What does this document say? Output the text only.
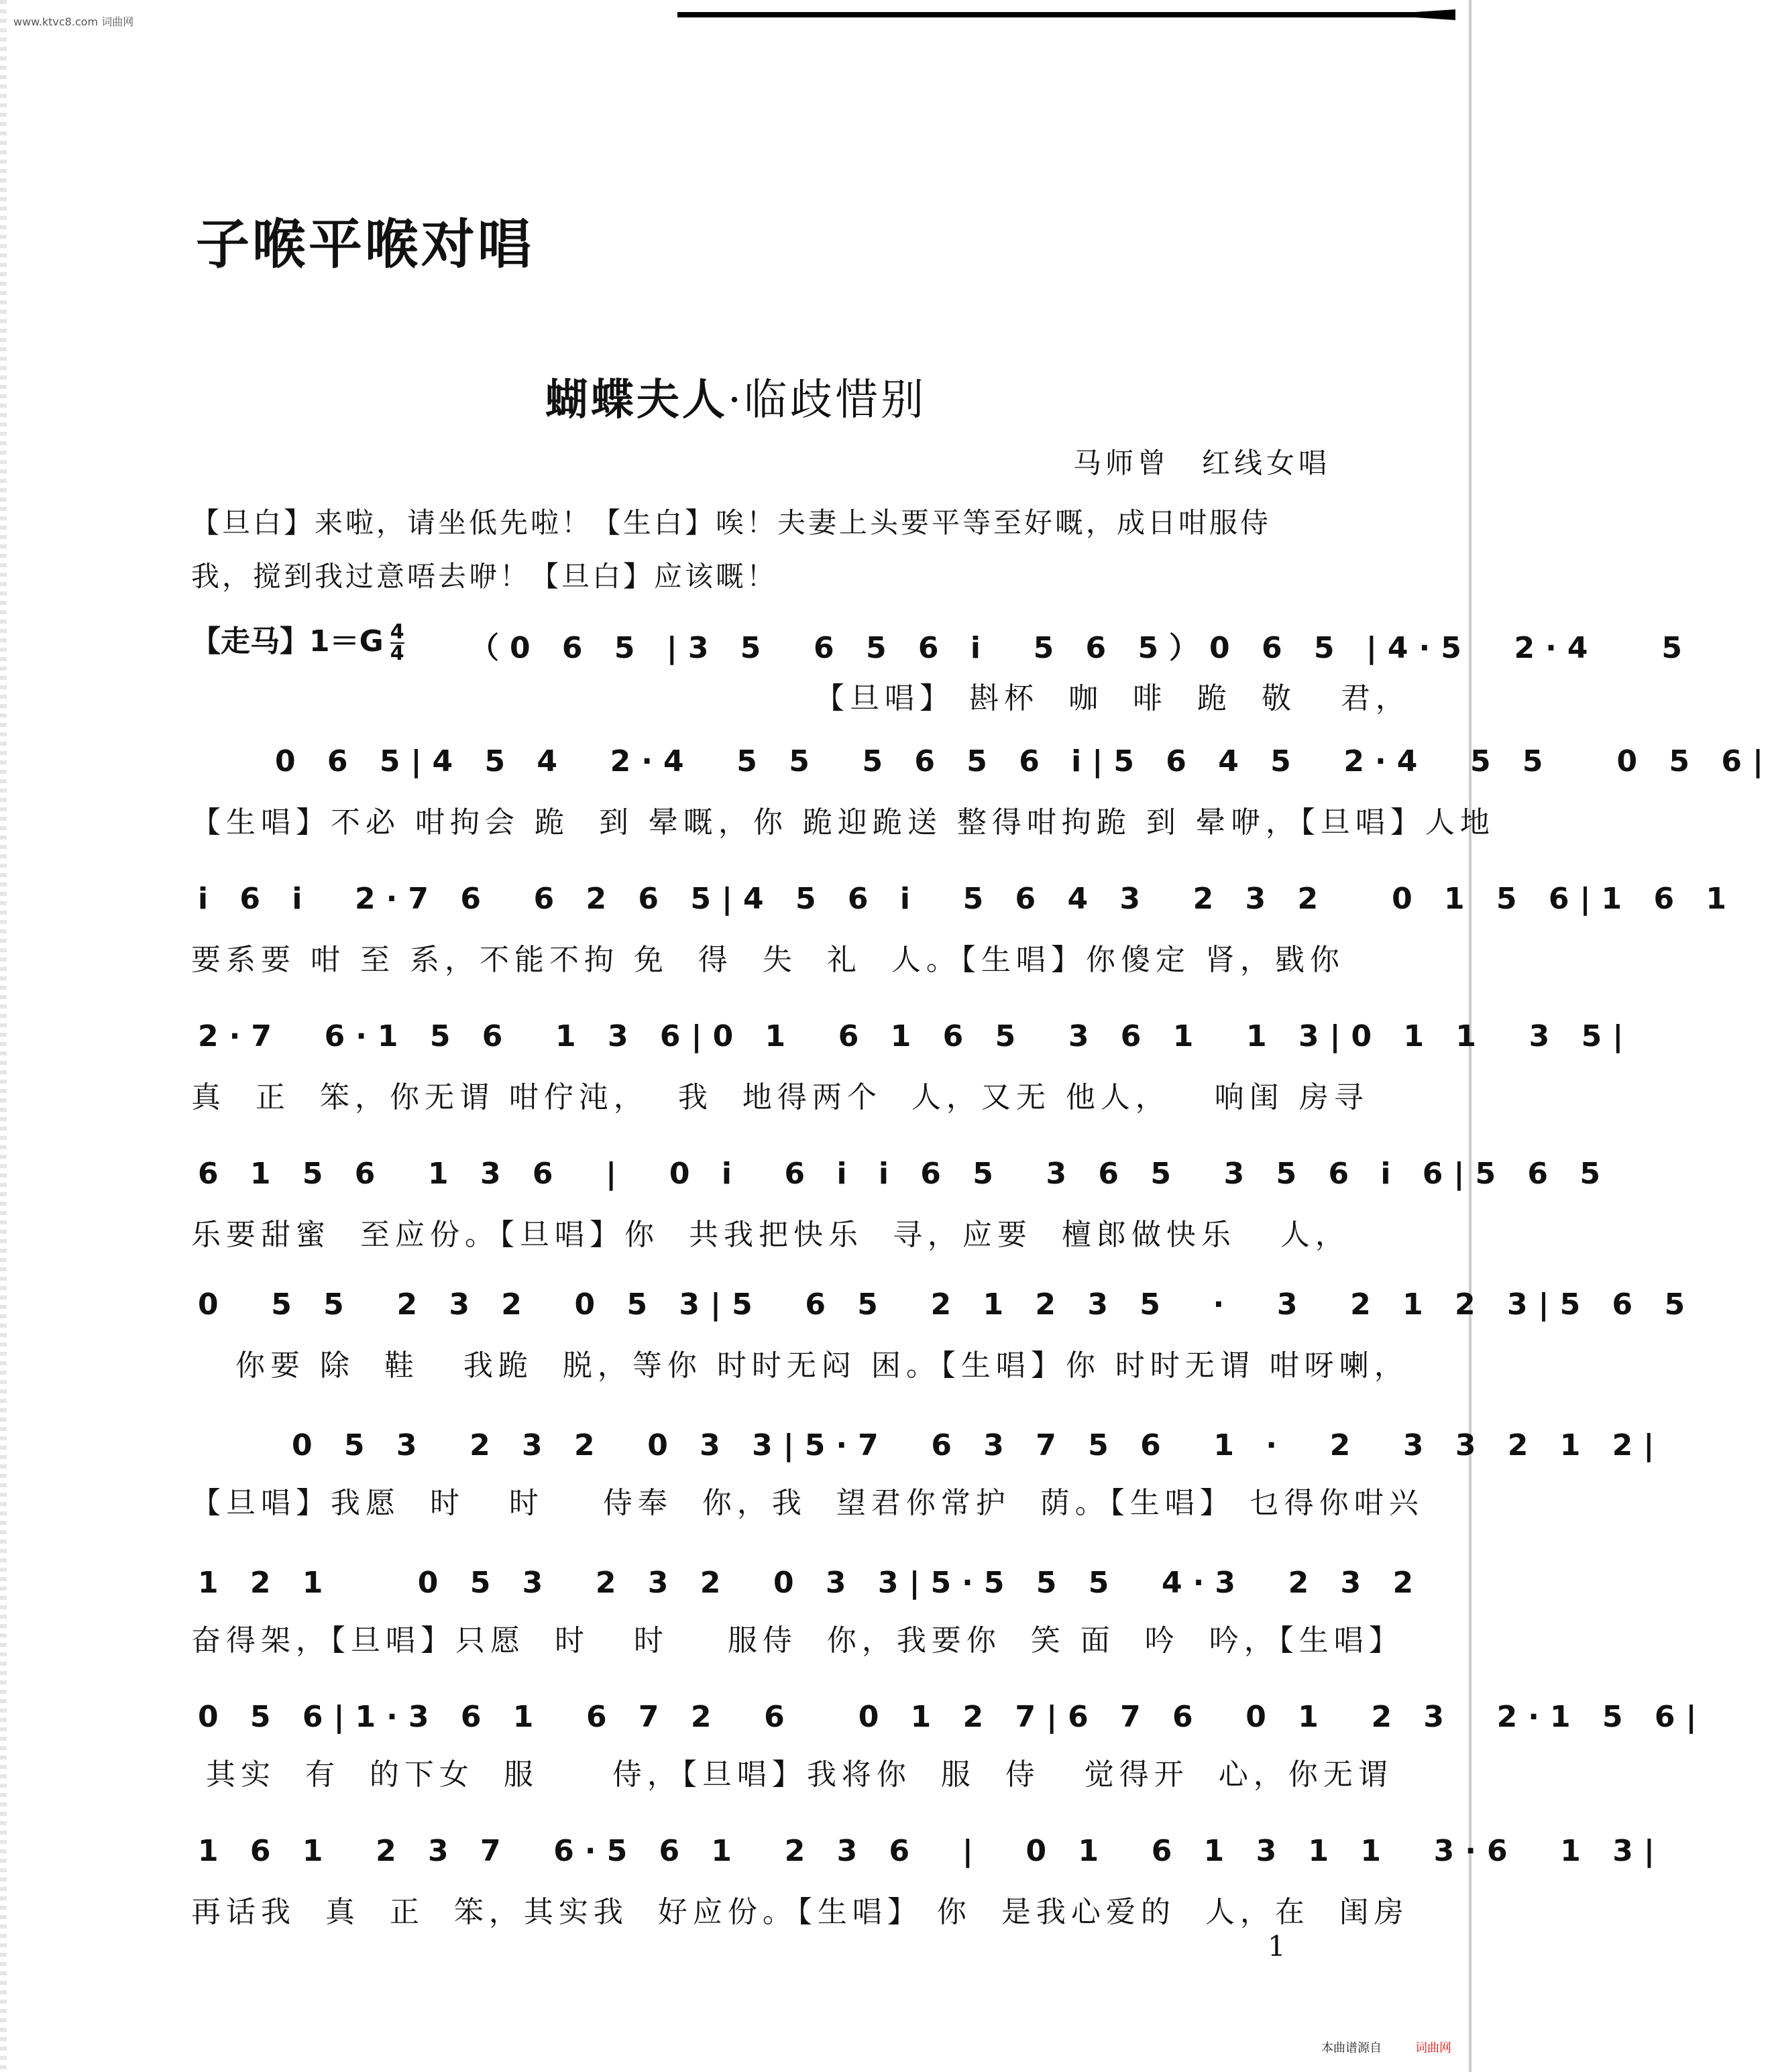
www.ktvc8.com 词曲网
子喉平喉对唱
蝴蝶夫人·临歧惜别
马师曾　红线女唱
【旦白】来啦，请坐低先啦！【生白】唉！夫妻上头要平等至好嘅，成日咁服侍
我，搅到我过意唔去咿！【旦白】应该嘅！
【走马】$1=G \frac{4}{4} (0$ 6 5 |3 5  6 5 6 i  5 6 5）0 6 5 |4·5  2·4   5
【旦唱】 斟杯  咖  啡  跪  敬   君，
0 6 5|4 5 4  2·4  5 5  5 6 5 6 i|5 6 4 5  2·4  5 5   0 5 6|
【生唱】不必 咁拘会 跪  到 晕嘅，你 跪迎跪送 整得咁拘跪 到 晕咿，【旦唱】人地
i 6 i  2·7 6  6 2 6 5|4 5 6 i  5 6 4 3  2 3 2   0 1 5 6|1 6 1
要系要 咁 至 系，不能不拘 免  得  失  礼  人。【生唱】你傻定 肾，戥你
2·7  6·1 5 6  1 3 6|0 1  6 1 6 5  3 6 1  1 3|0 1 1  3 5|
真  正  笨，你无谓 咁佇沌，  我  地得两个  人，又无 他人，   响闺 房寻
6 1 5 6  1 3 6  |  0 i  6 i i 6 5  3 6 5  3 5 6 i 6|5 6 5
乐要甜蜜  至应份。【旦唱】你  共我把快乐  寻，应要  檀郎做快乐   人，
0  5 5  2 3 2  0 5 3|5  6 5  2 1 2 3 5  ·  3  2 1 2 3|5 6 5
你要 除  鞋   我跪  脱，等你 时时无闷 困。【生唱】你 时时无谓 咁呀喇，
0 5 3  2 3 2  0 3 3|5·7  6 3 7 5 6  1 ·  2  3 3 2 1 2|
【旦唱】我愿  时   时    侍奉  你，我  望君你常护  荫。【生唱】 乜得你咁兴
1 2 1    0 5 3  2 3 2  0 3 3|5·5 5 5  4·3  2 3 2
奋得架，【旦唱】只愿  时   时    服侍  你，我要你  笑 面  吟  吟，【生唱】
0 5 6|1·3 6 1  6 7 2  6   0 1 2 7|6 7 6  0 1  2 3  2·1 5 6|
其实  有  的下女  服     侍，【旦唱】我将你  服  侍   觉得开  心，你无谓
1 6 1  2 3 7  6·5 6 1  2 3 6  |  0 1  6 1 3 1 1  3·6  1 3|
再话我  真  正  笨，其实我  好应份。【生唱】 你  是我心爱的  人，在  闺房
1
本曲谱源自	词曲网
